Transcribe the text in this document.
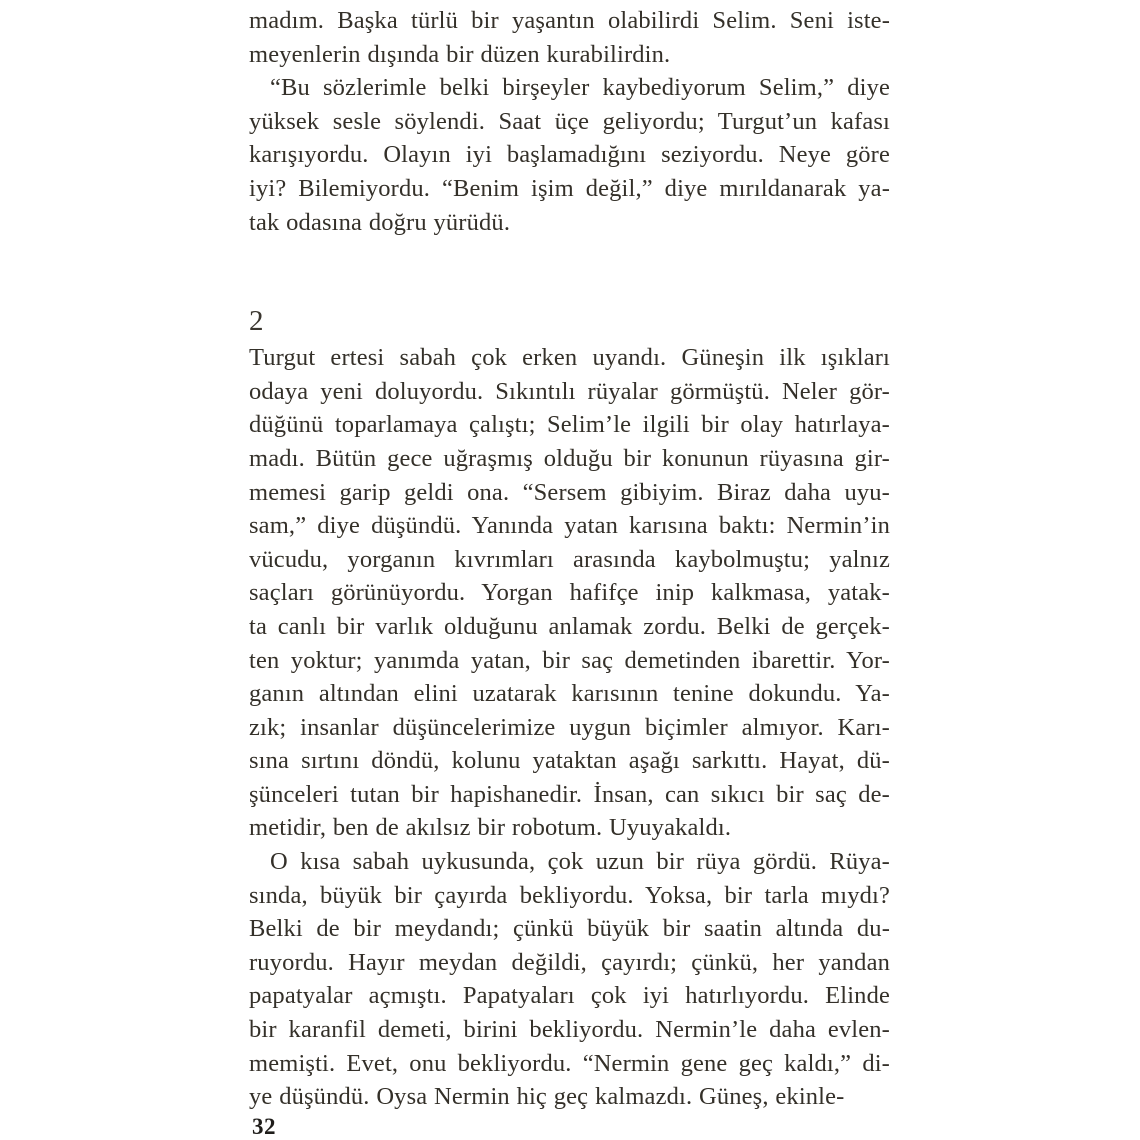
madım. Başka türlü bir yaşantın olabilirdi Selim. Seni iste-
meyenlerin dışında bir düzen kurabilirdin.
“Bu sözlerimle belki birşeyler kaybediyorum Selim,” diye
yüksek sesle söylendi. Saat üçe geliyordu; Turgut’un kafası
karışıyordu. Olayın iyi başlamadığını seziyordu. Neye göre
iyi? Bilemiyordu. “Benim işim değil,” diye mırıldanarak ya-
tak odasına doğru yürüdü.
2
Turgut ertesi sabah çok erken uyandı. Güneşin ilk ışıkları
odaya yeni doluyordu. Sıkıntılı rüyalar görmüştü. Neler gör-
düğünü toparlamaya çalıştı; Selim’le ilgili bir olay hatırlaya-
madı. Bütün gece uğraşmış olduğu bir konunun rüyasına gir-
memesi garip geldi ona. “Sersem gibiyim. Biraz daha uyu-
sam,” diye düşündü. Yanında yatan karısına baktı: Nermin’in
vücudu, yorganın kıvrımları arasında kaybolmuştu; yalnız
saçları görünüyordu. Yorgan hafifçe inip kalkmasa, yatak-
ta canlı bir varlık olduğunu anlamak zordu. Belki de gerçek-
ten yoktur; yanımda yatan, bir saç demetinden ibarettir. Yor-
ganın altından elini uzatarak karısının tenine dokundu. Ya-
zık; insanlar düşüncelerimize uygun biçimler almıyor. Karı-
sına sırtını döndü, kolunu yataktan aşağı sarkıttı. Hayat, dü-
şünceleri tutan bir hapishanedir. İnsan, can sıkıcı bir saç de-
metidir, ben de akılsız bir robotum. Uyuyakaldı.
O kısa sabah uykusunda, çok uzun bir rüya gördü. Rüya-
sında, büyük bir çayırda bekliyordu. Yoksa, bir tarla mıydı?
Belki de bir meydandı; çünkü büyük bir saatin altında du-
ruyordu. Hayır meydan değildi, çayırdı; çünkü, her yandan
papatyalar açmıştı. Papatyaları çok iyi hatırlıyordu. Elinde
bir karanfil demeti, birini bekliyordu. Nermin’le daha evlen-
memişti. Evet, onu bekliyordu. “Nermin gene geç kaldı,” di-
ye düşündü. Oysa Nermin hiç geç kalmazdı. Güneş, ekinle-
32
